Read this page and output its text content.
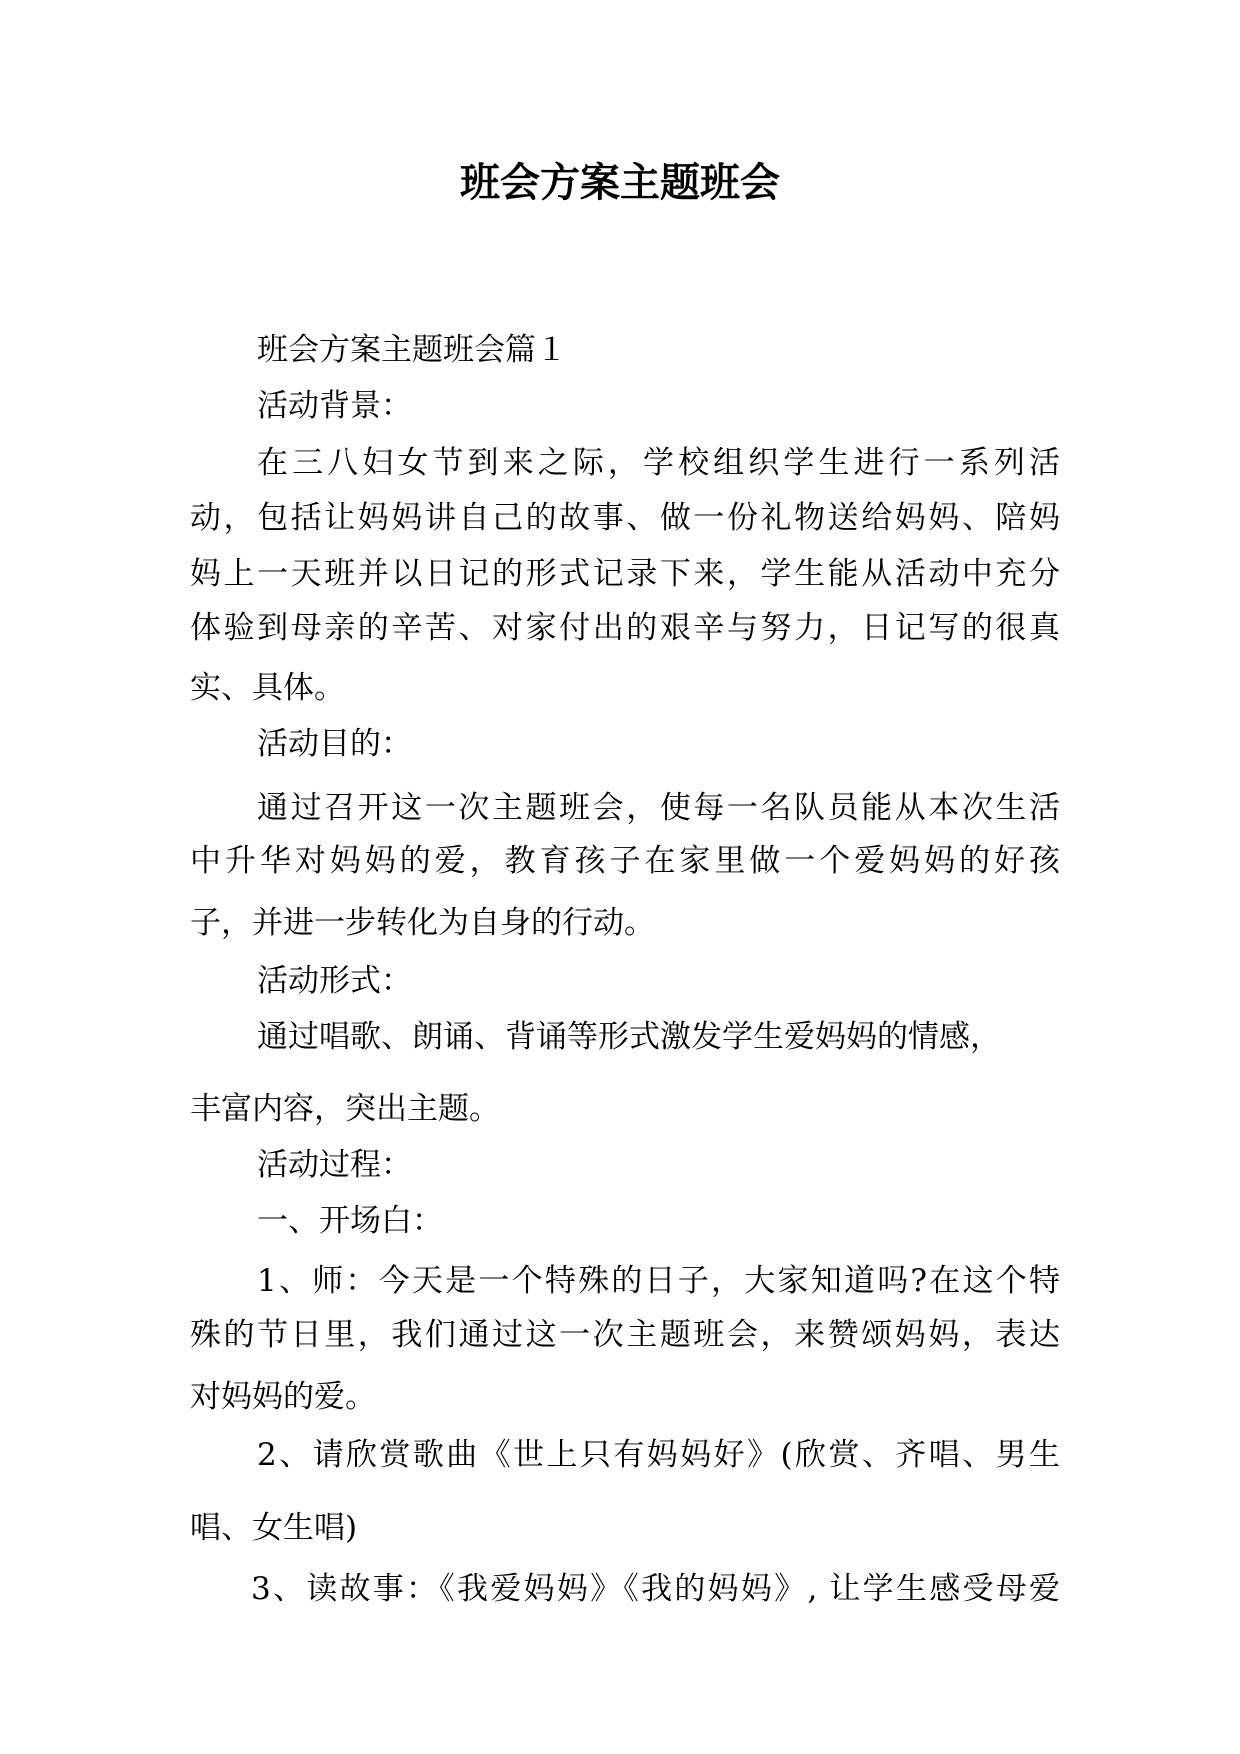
班会方案主题班会

班会方案主题班会篇１

活动背景：

在三八妇女节到来之际，学校组织学生进行一系列活

动，包括让妈妈讲自己的故事、做一份礼物送给妈妈、陪妈

妈上一天班并以日记的形式记录下来，学生能从活动中充分

体验到母亲的辛苦、对家付出的艰辛与努力，日记写的很真

实、具体。

活动目的：

通过召开这一次主题班会，使每一名队员能从本次生活

中升华对妈妈的爱，教育孩子在家里做一个爱妈妈的好孩

子，并进一步转化为自身的行动。

活动形式：

通过唱歌、朗诵、背诵等形式激发学生爱妈妈的情感，

丰富内容，突出主题。

活动过程：

一、开场白：

1、师：今天是一个特殊的日子，大家知道吗?在这个特

殊的节日里，我们通过这一次主题班会，来赞颂妈妈，表达

对妈妈的爱。

2、请欣赏歌曲《世上只有妈妈好》(欣赏、齐唱、男生

唱、女生唱)

3、读故事：《我爱妈妈》《我的妈妈》, 让学生感受母爱
